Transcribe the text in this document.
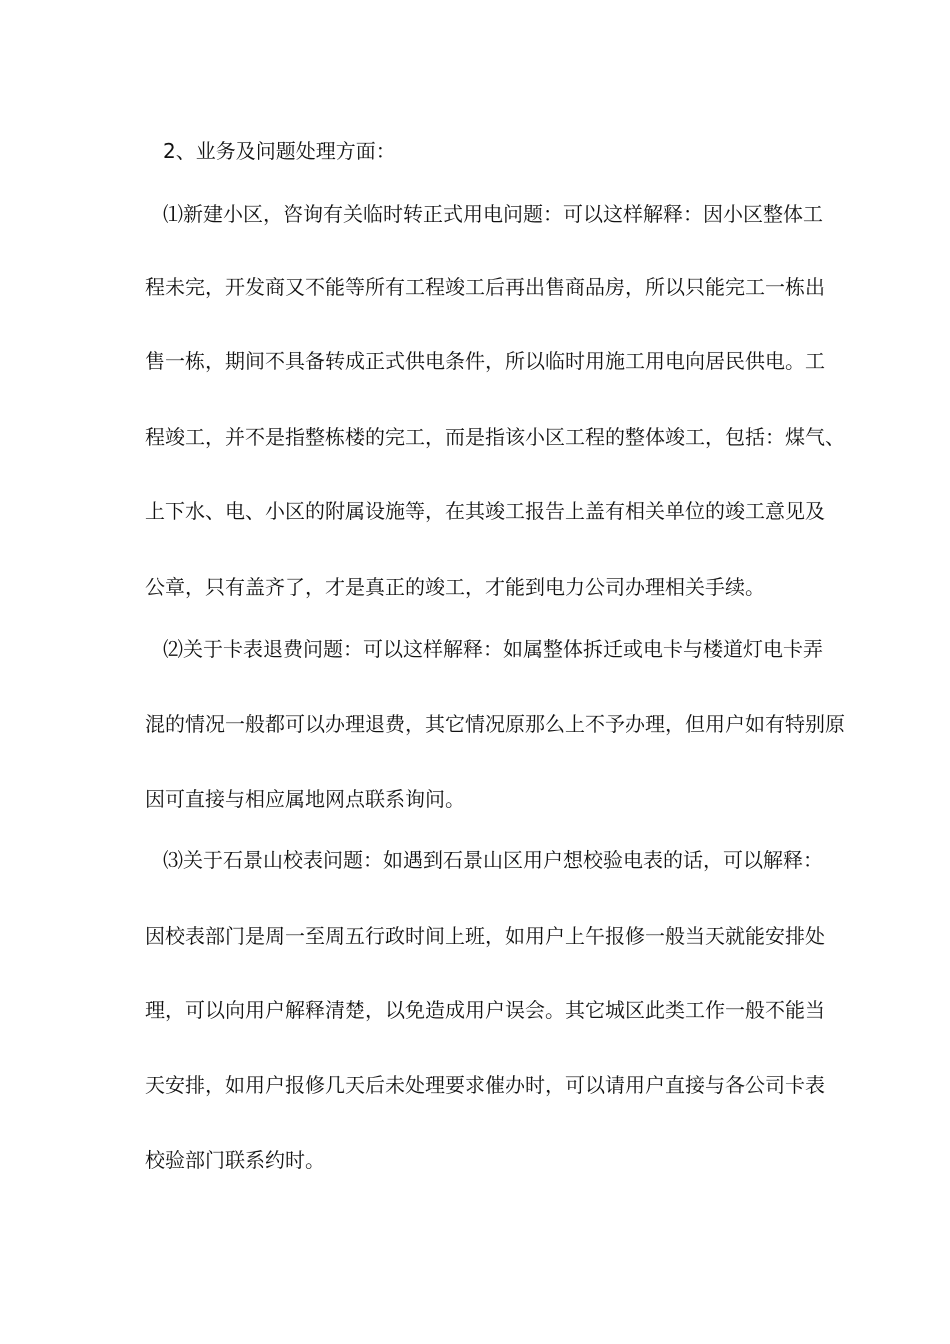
2、业务及问题处理方面：
⑴新建小区，咨询有关临时转正式用电问题：可以这样解释：因小区整体工
程未完，开发商又不能等所有工程竣工后再出售商品房，所以只能完工一栋出
售一栋，期间不具备转成正式供电条件，所以临时用施工用电向居民供电。工
程竣工，并不是指整栋楼的完工，而是指该小区工程的整体竣工，包括：煤气、
上下水、电、小区的附属设施等，在其竣工报告上盖有相关单位的竣工意见及
公章，只有盖齐了，才是真正的竣工，才能到电力公司办理相关手续。
⑵关于卡表退费问题：可以这样解释：如属整体拆迁或电卡与楼道灯电卡弄
混的情况一般都可以办理退费，其它情况原那么上不予办理，但用户如有特别原
因可直接与相应属地网点联系询问。
⑶关于石景山校表问题：如遇到石景山区用户想校验电表的话，可以解释：
因校表部门是周一至周五行政时间上班，如用户上午报修一般当天就能安排处
理，可以向用户解释清楚，以免造成用户误会。其它城区此类工作一般不能当
天安排，如用户报修几天后未处理要求催办时，可以请用户直接与各公司卡表
校验部门联系约时。
